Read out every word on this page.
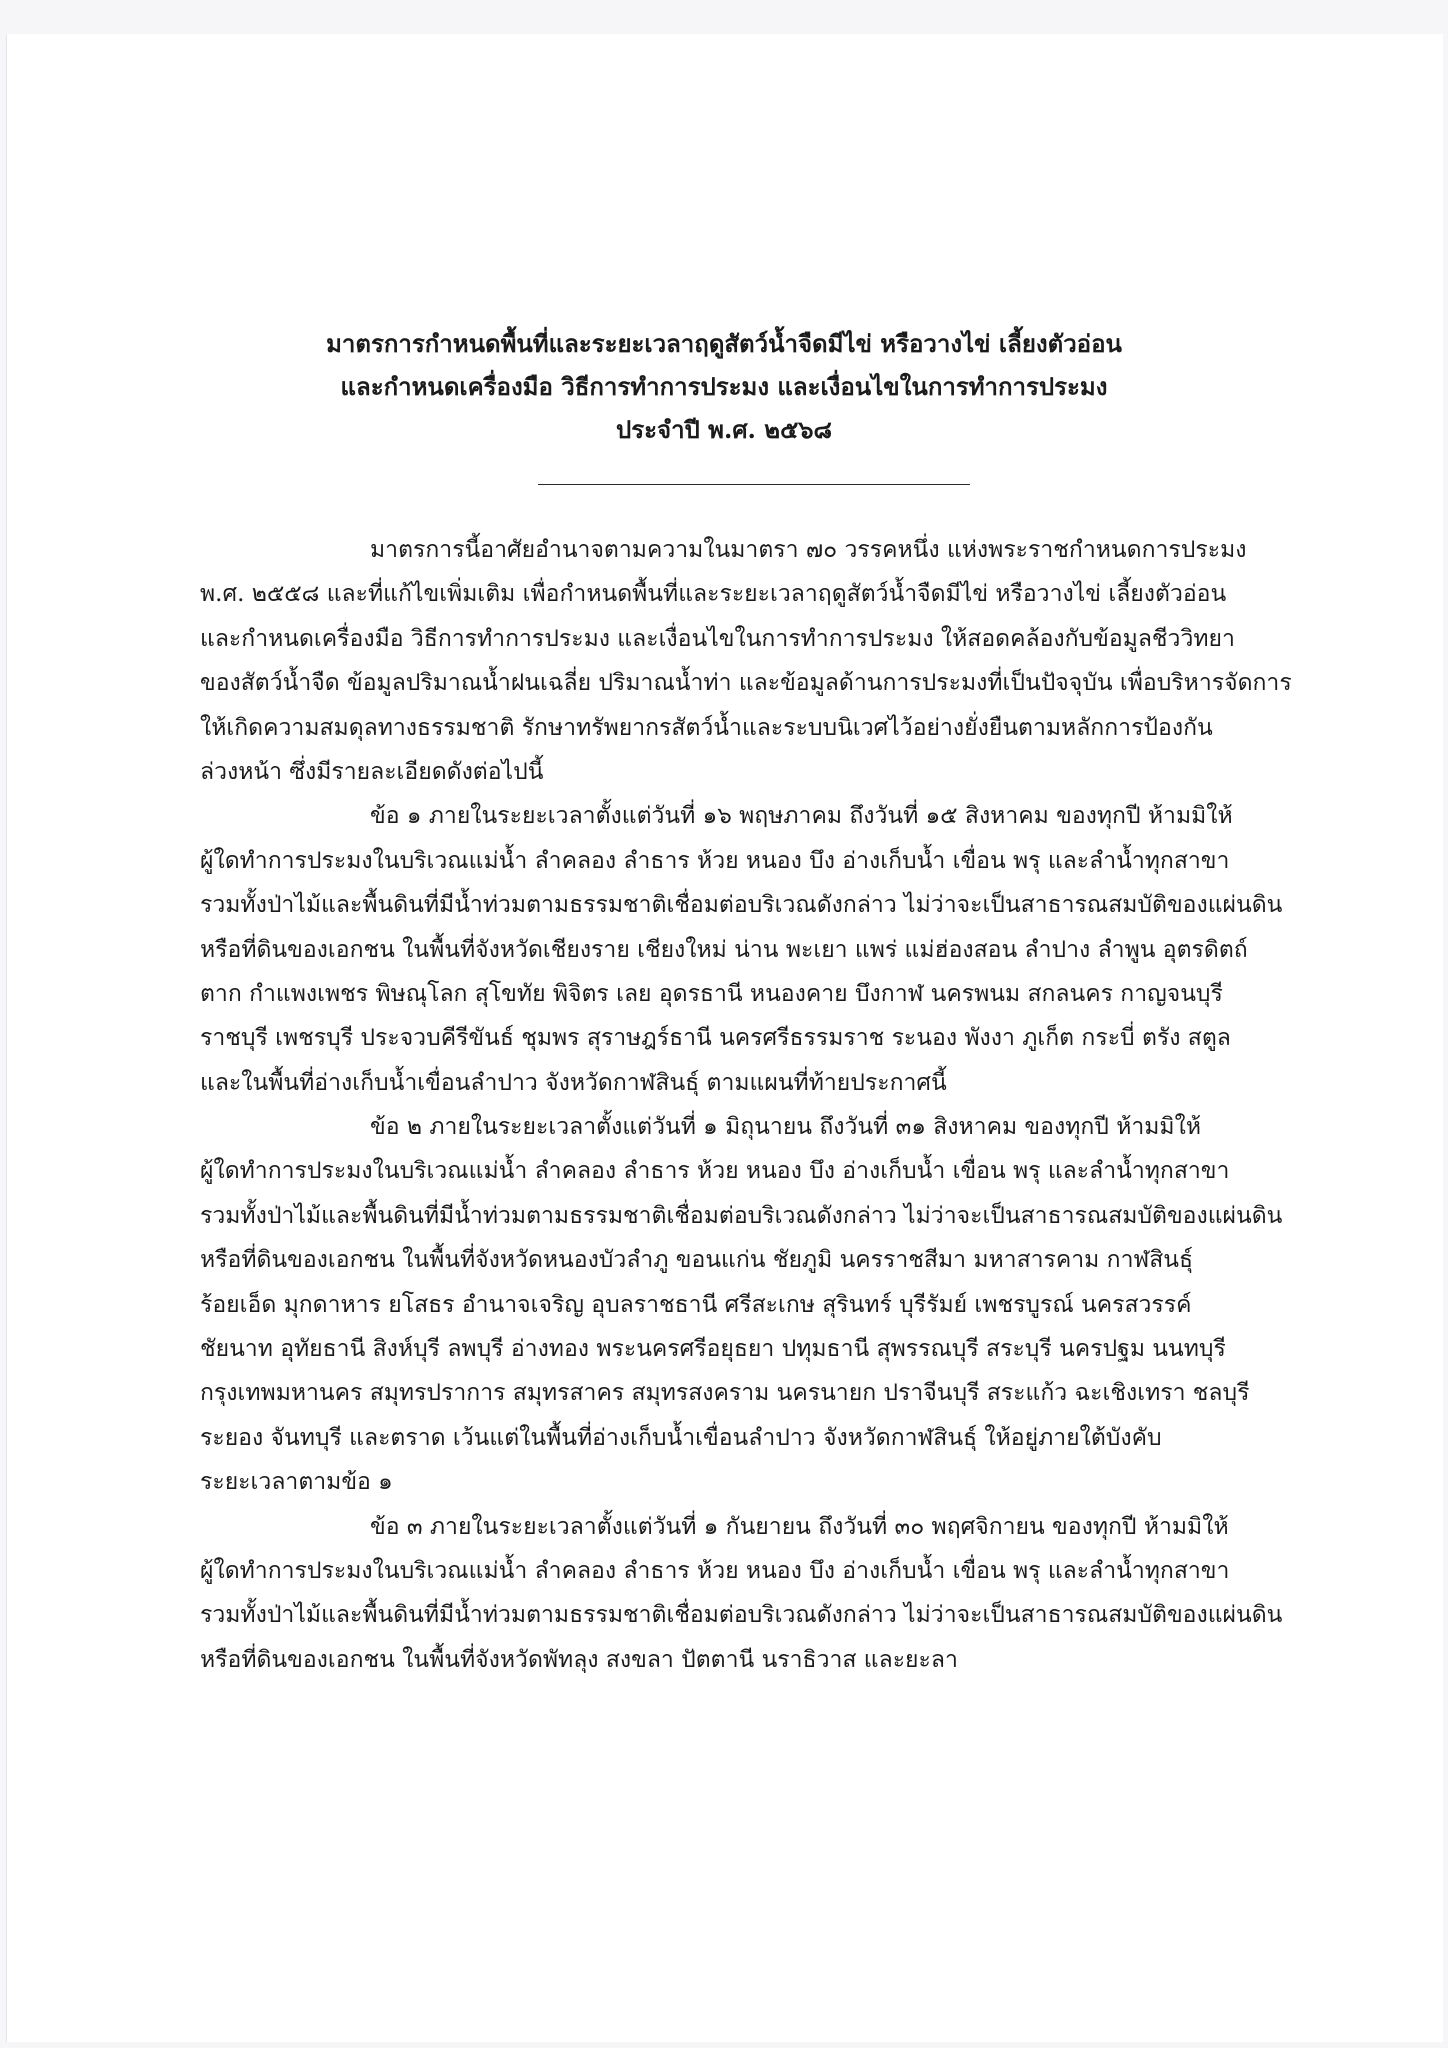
มาตรการกำหนดพื้นที่และระยะเวลาฤดูสัตว์น้ำจืดมีไข่ หรือวางไข่ เลี้ยงตัวอ่อน
และกำหนดเครื่องมือ วิธีการทำการประมง และเงื่อนไขในการทำการประมง
ประจำปี พ.ศ. ๒๕๖๘
มาตรการนี้อาศัยอำนาจตามความในมาตรา ๗๐ วรรคหนึ่ง แห่งพระราชกำหนดการประมง
พ.ศ. ๒๕๕๘ และที่แก้ไขเพิ่มเติม เพื่อกำหนดพื้นที่และระยะเวลาฤดูสัตว์น้ำจืดมีไข่ หรือวางไข่ เลี้ยงตัวอ่อน
และกำหนดเครื่องมือ วิธีการทำการประมง และเงื่อนไขในการทำการประมง ให้สอดคล้องกับข้อมูลชีววิทยา
ของสัตว์น้ำจืด ข้อมูลปริมาณน้ำฝนเฉลี่ย ปริมาณน้ำท่า และข้อมูลด้านการประมงที่เป็นปัจจุบัน เพื่อบริหารจัดการ
ให้เกิดความสมดุลทางธรรมชาติ รักษาทรัพยากรสัตว์น้ำและระบบนิเวศไว้อย่างยั่งยืนตามหลักการป้องกัน
ล่วงหน้า ซึ่งมีรายละเอียดดังต่อไปนี้
ข้อ ๑ ภายในระยะเวลาตั้งแต่วันที่ ๑๖ พฤษภาคม ถึงวันที่ ๑๕ สิงหาคม ของทุกปี ห้ามมิให้
ผู้ใดทำการประมงในบริเวณแม่น้ำ ลำคลอง ลำธาร ห้วย หนอง บึง อ่างเก็บน้ำ เขื่อน พรุ และลำน้ำทุกสาขา
รวมทั้งป่าไม้และพื้นดินที่มีน้ำท่วมตามธรรมชาติเชื่อมต่อบริเวณดังกล่าว ไม่ว่าจะเป็นสาธารณสมบัติของแผ่นดิน
หรือที่ดินของเอกชน ในพื้นที่จังหวัดเชียงราย เชียงใหม่ น่าน พะเยา แพร่ แม่ฮ่องสอน ลำปาง ลำพูน อุตรดิตถ์
ตาก กำแพงเพชร พิษณุโลก สุโขทัย พิจิตร เลย อุดรธานี หนองคาย บึงกาฬ นครพนม สกลนคร กาญจนบุรี
ราชบุรี เพชรบุรี ประจวบคีรีขันธ์ ชุมพร สุราษฎร์ธานี นครศรีธรรมราช ระนอง พังงา ภูเก็ต กระบี่ ตรัง สตูล
และในพื้นที่อ่างเก็บน้ำเขื่อนลำปาว จังหวัดกาฬสินธุ์ ตามแผนที่ท้ายประกาศนี้
ข้อ ๒ ภายในระยะเวลาตั้งแต่วันที่ ๑ มิถุนายน ถึงวันที่ ๓๑ สิงหาคม ของทุกปี ห้ามมิให้
ผู้ใดทำการประมงในบริเวณแม่น้ำ ลำคลอง ลำธาร ห้วย หนอง บึง อ่างเก็บน้ำ เขื่อน พรุ และลำน้ำทุกสาขา
รวมทั้งป่าไม้และพื้นดินที่มีน้ำท่วมตามธรรมชาติเชื่อมต่อบริเวณดังกล่าว ไม่ว่าจะเป็นสาธารณสมบัติของแผ่นดิน
หรือที่ดินของเอกชน ในพื้นที่จังหวัดหนองบัวลำภู ขอนแก่น ชัยภูมิ นครราชสีมา มหาสารคาม กาฬสินธุ์
ร้อยเอ็ด มุกดาหาร ยโสธร อำนาจเจริญ อุบลราชธานี ศรีสะเกษ สุรินทร์ บุรีรัมย์ เพชรบูรณ์ นครสวรรค์
ชัยนาท อุทัยธานี สิงห์บุรี ลพบุรี อ่างทอง พระนครศรีอยุธยา ปทุมธานี สุพรรณบุรี สระบุรี นครปฐม นนทบุรี
กรุงเทพมหานคร สมุทรปราการ สมุทรสาคร สมุทรสงคราม นครนายก ปราจีนบุรี สระแก้ว ฉะเชิงเทรา ชลบุรี
ระยอง จันทบุรี และตราด เว้นแต่ในพื้นที่อ่างเก็บน้ำเขื่อนลำปาว จังหวัดกาฬสินธุ์ ให้อยู่ภายใต้บังคับ
ระยะเวลาตามข้อ ๑
ข้อ ๓ ภายในระยะเวลาตั้งแต่วันที่ ๑ กันยายน ถึงวันที่ ๓๐ พฤศจิกายน ของทุกปี ห้ามมิให้
ผู้ใดทำการประมงในบริเวณแม่น้ำ ลำคลอง ลำธาร ห้วย หนอง บึง อ่างเก็บน้ำ เขื่อน พรุ และลำน้ำทุกสาขา
รวมทั้งป่าไม้และพื้นดินที่มีน้ำท่วมตามธรรมชาติเชื่อมต่อบริเวณดังกล่าว ไม่ว่าจะเป็นสาธารณสมบัติของแผ่นดิน
หรือที่ดินของเอกชน ในพื้นที่จังหวัดพัทลุง สงขลา ปัตตานี นราธิวาส และยะลา
